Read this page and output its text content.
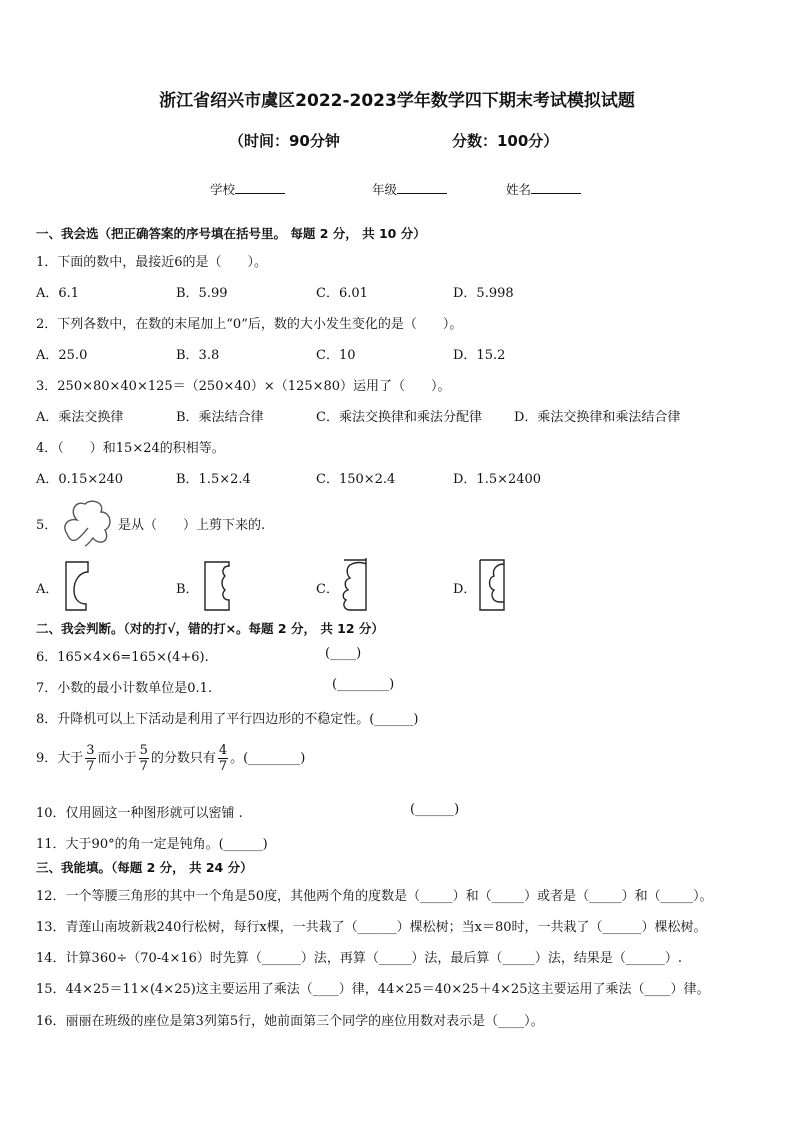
浙江省绍兴市虞区2022-2023学年数学四下期末考试模拟试题
（时间：90分钟	分数：100分）
学校	年级	姓名
一、我会选（把正确答案的序号填在括号里。 每题 2 分， 共 10 分）
1．下面的数中，最接近6的是（　　）。
A．6.1	B．5.99	C．6.01	D．5.998
2．下列各数中，在数的末尾加上“0”后，数的大小发生变化的是（　　）。
A．25.0	B．3.8	C．10	D．15.2
3．250×80×40×125＝（250×40）×（125×80）运用了（　　）。
A．乘法交换律	B．乘法结合律	C．乘法交换律和乘法分配律 D．乘法交换律和乘法结合律
4．（　　）和15×24的积相等。
A．0.15×240	B．1.5×2.4	C．150×2.4	D．1.5×2400
5．	是从（　　）上剪下来的.
A．	B．	C．	D．
二、我会判断。（对的打√，错的打×。每题 2 分， 共 12 分）
6．165×4×6=165×(4+6).	(____)
7．小数的最小计数单位是0.1.	(________)
8．升降机可以上下活动是利用了平行四边形的不稳定性。(______)
9．大于 $\frac{3}{7}$ 而小于 $\frac{5}{7}$ 的分数只有 $\frac{4}{7}$ 。(________)
10．仅用圆这一种图形就可以密铺 .	(______)
11．大于90°的角一定是钝角。(______)
三、我能填。（每题 2 分， 共 24 分）
12．一个等腰三角形的其中一个角是50度，其他两个角的度数是（_____）和（_____）或者是（_____）和（_____）。
13．青莲山南坡新栽240行松树，每行x棵，一共栽了（______）棵松树；当x＝80时，一共栽了（______）棵松树。
14．计算360÷（70-4×16）时先算（______）法，再算（_____）法，最后算（_____）法，结果是（______）.
15．44×25＝11×(4×25)这主要运用了乘法（____）律，44×25＝40×25＋4×25这主要运用了乘法（____）律。
16．丽丽在班级的座位是第3列第5行，她前面第三个同学的座位用数对表示是（____）。
